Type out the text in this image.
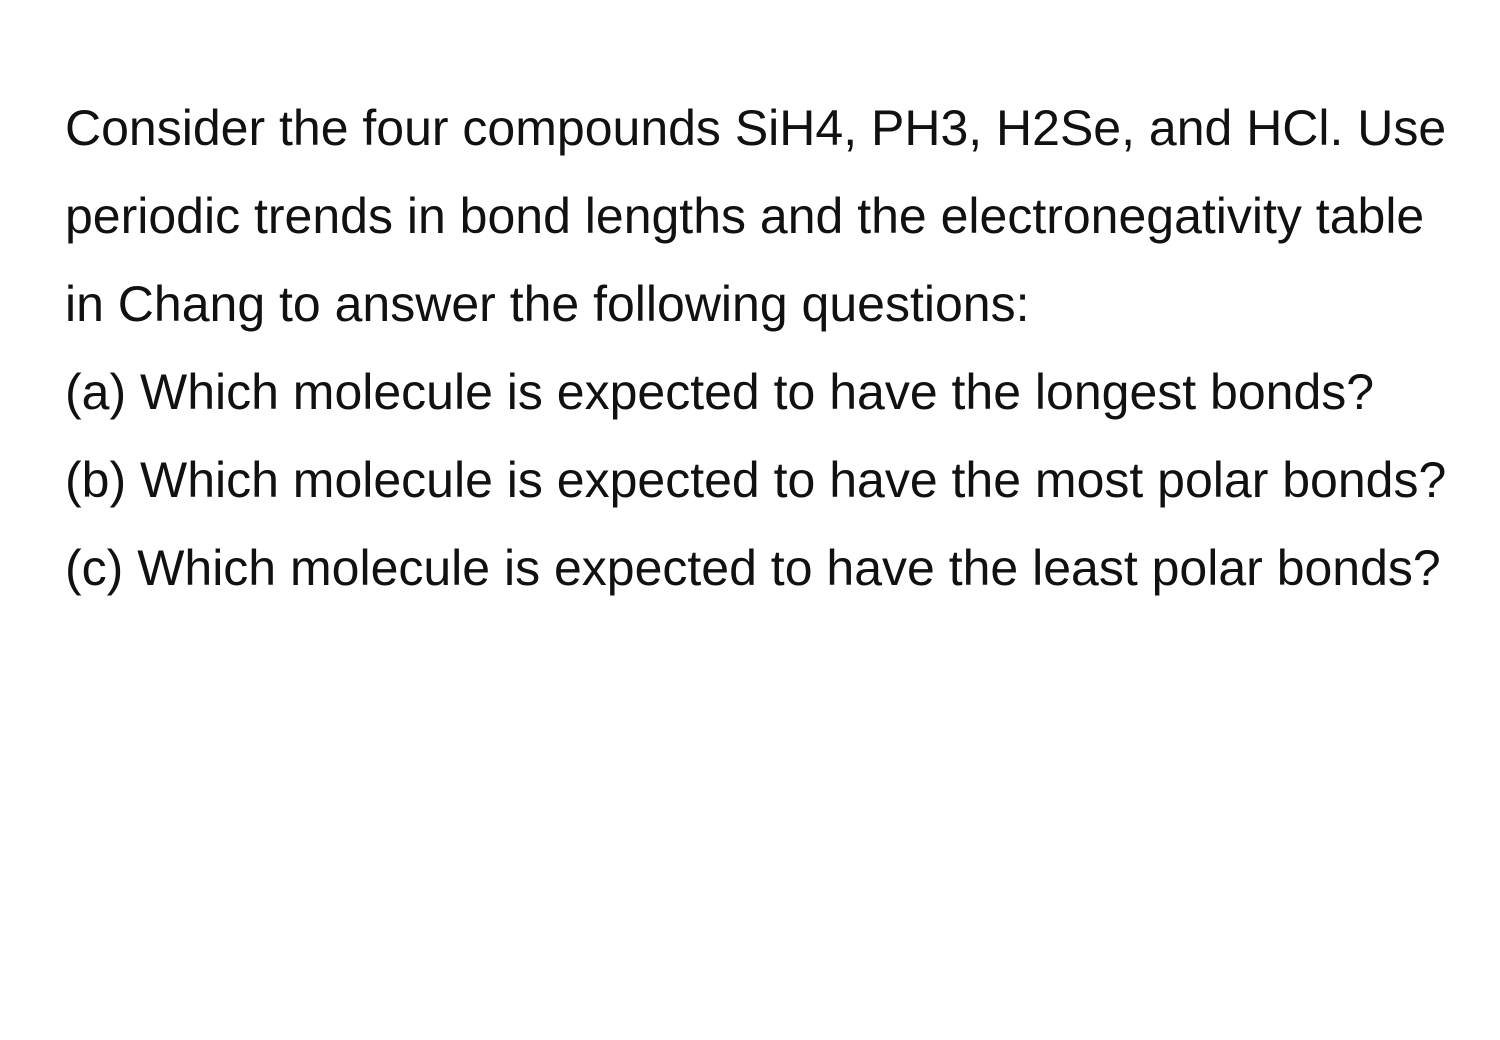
Consider the four compounds SiH4, PH3, H2Se, and HCl. Use periodic trends in bond lengths and the electronegativity table in Chang to answer the following questions:

(a) Which molecule is expected to have the longest bonds?

(b) Which molecule is expected to have the most polar bonds?

(c) Which molecule is expected to have the least polar bonds?
